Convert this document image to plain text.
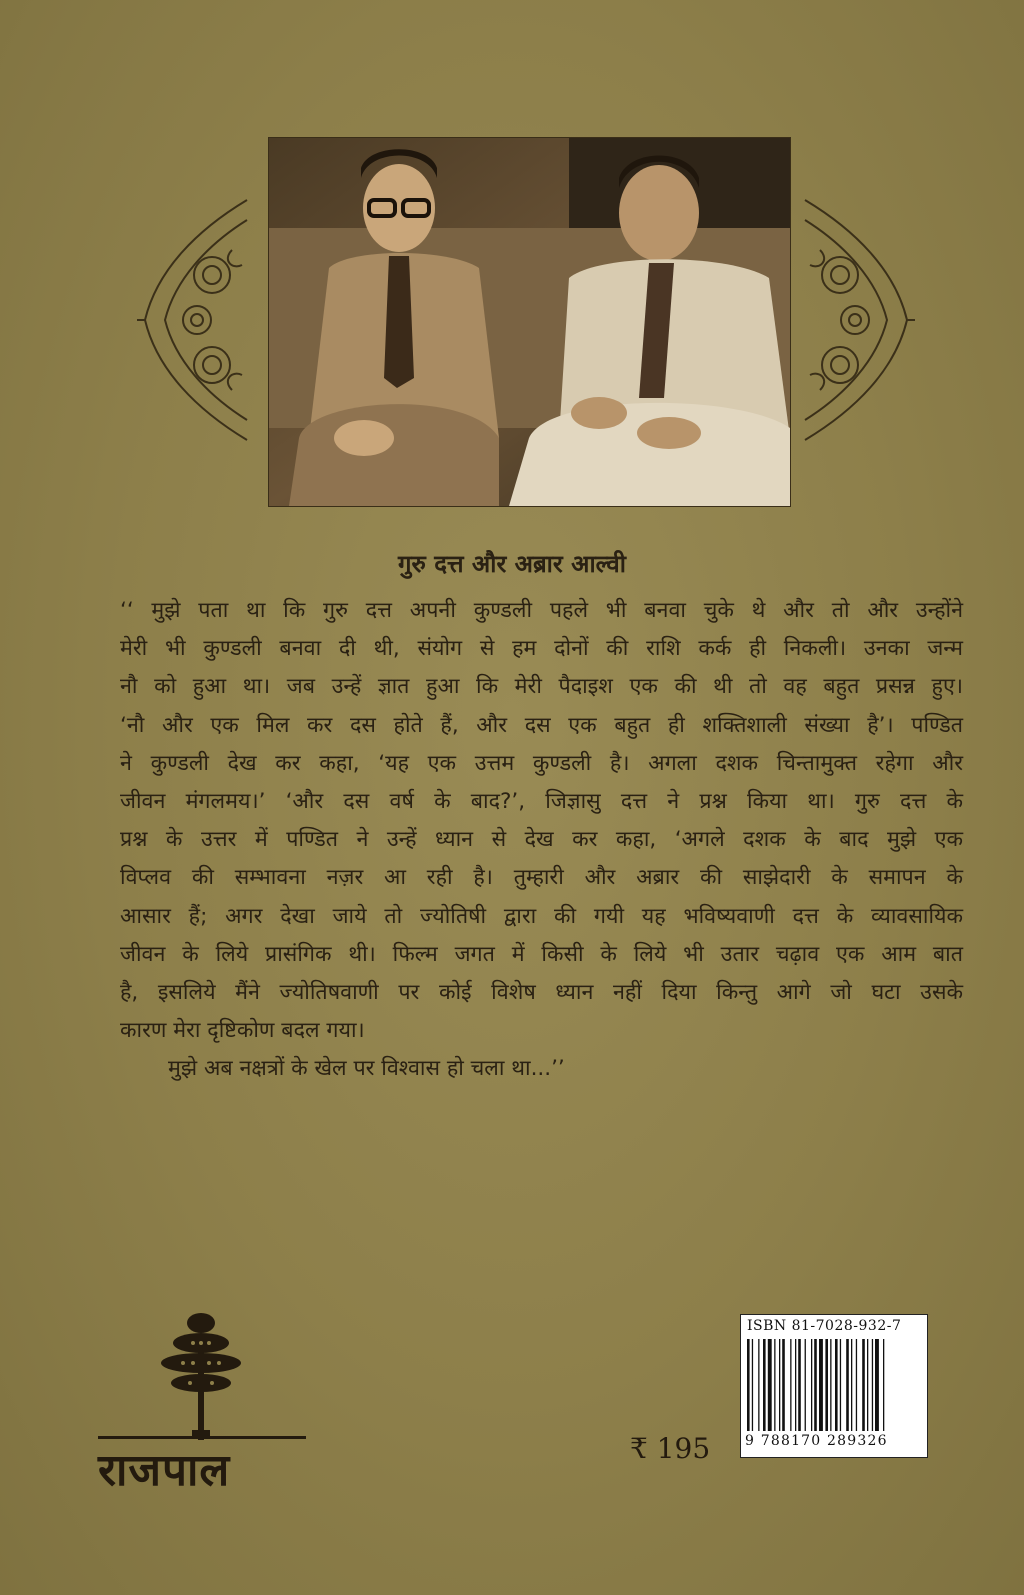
गुरु दत्त और अब्रार आल्वी
‘‘ मुझे पता था कि गुरु दत्त अपनी कुण्डली पहले भी बनवा चुके थे और तो और उन्होंने
मेरी भी कुण्डली बनवा दी थी, संयोग से हम दोनों की राशि कर्क ही निकली। उनका जन्म
नौ को हुआ था। जब उन्हें ज्ञात हुआ कि मेरी पैदाइश एक की थी तो वह बहुत प्रसन्न हुए।
‘नौ और एक मिल कर दस होते हैं, और दस एक बहुत ही शक्तिशाली संख्या है’। पण्डित
ने कुण्डली देख कर कहा, ‘यह एक उत्तम कुण्डली है। अगला दशक चिन्तामुक्त रहेगा और
जीवन मंगलमय।’ ‘और दस वर्ष के बाद?’, जिज्ञासु दत्त ने प्रश्न किया था। गुरु दत्त के
प्रश्न के उत्तर में पण्डित ने उन्हें ध्यान से देख कर कहा, ‘अगले दशक के बाद मुझे एक
विप्लव की सम्भावना नज़र आ रही है। तुम्हारी और अब्रार की साझेदारी के समापन के
आसार हैं; अगर देखा जाये तो ज्योतिषी द्वारा की गयी यह भविष्यवाणी दत्त के व्यावसायिक
जीवन के लिये प्रासंगिक थी। फिल्म जगत में किसी के लिये भी उतार चढ़ाव एक आम बात
है, इसलिये मैंने ज्योतिषवाणी पर कोई विशेष ध्यान नहीं दिया किन्तु आगे जो घटा उसके
कारण मेरा दृष्टिकोण बदल गया।
मुझे अब नक्षत्रों के खेल पर विश्वास हो चला था...’’
राजपाल	₹ 195
ISBN 81-7028-932-7
9 788170 289326
